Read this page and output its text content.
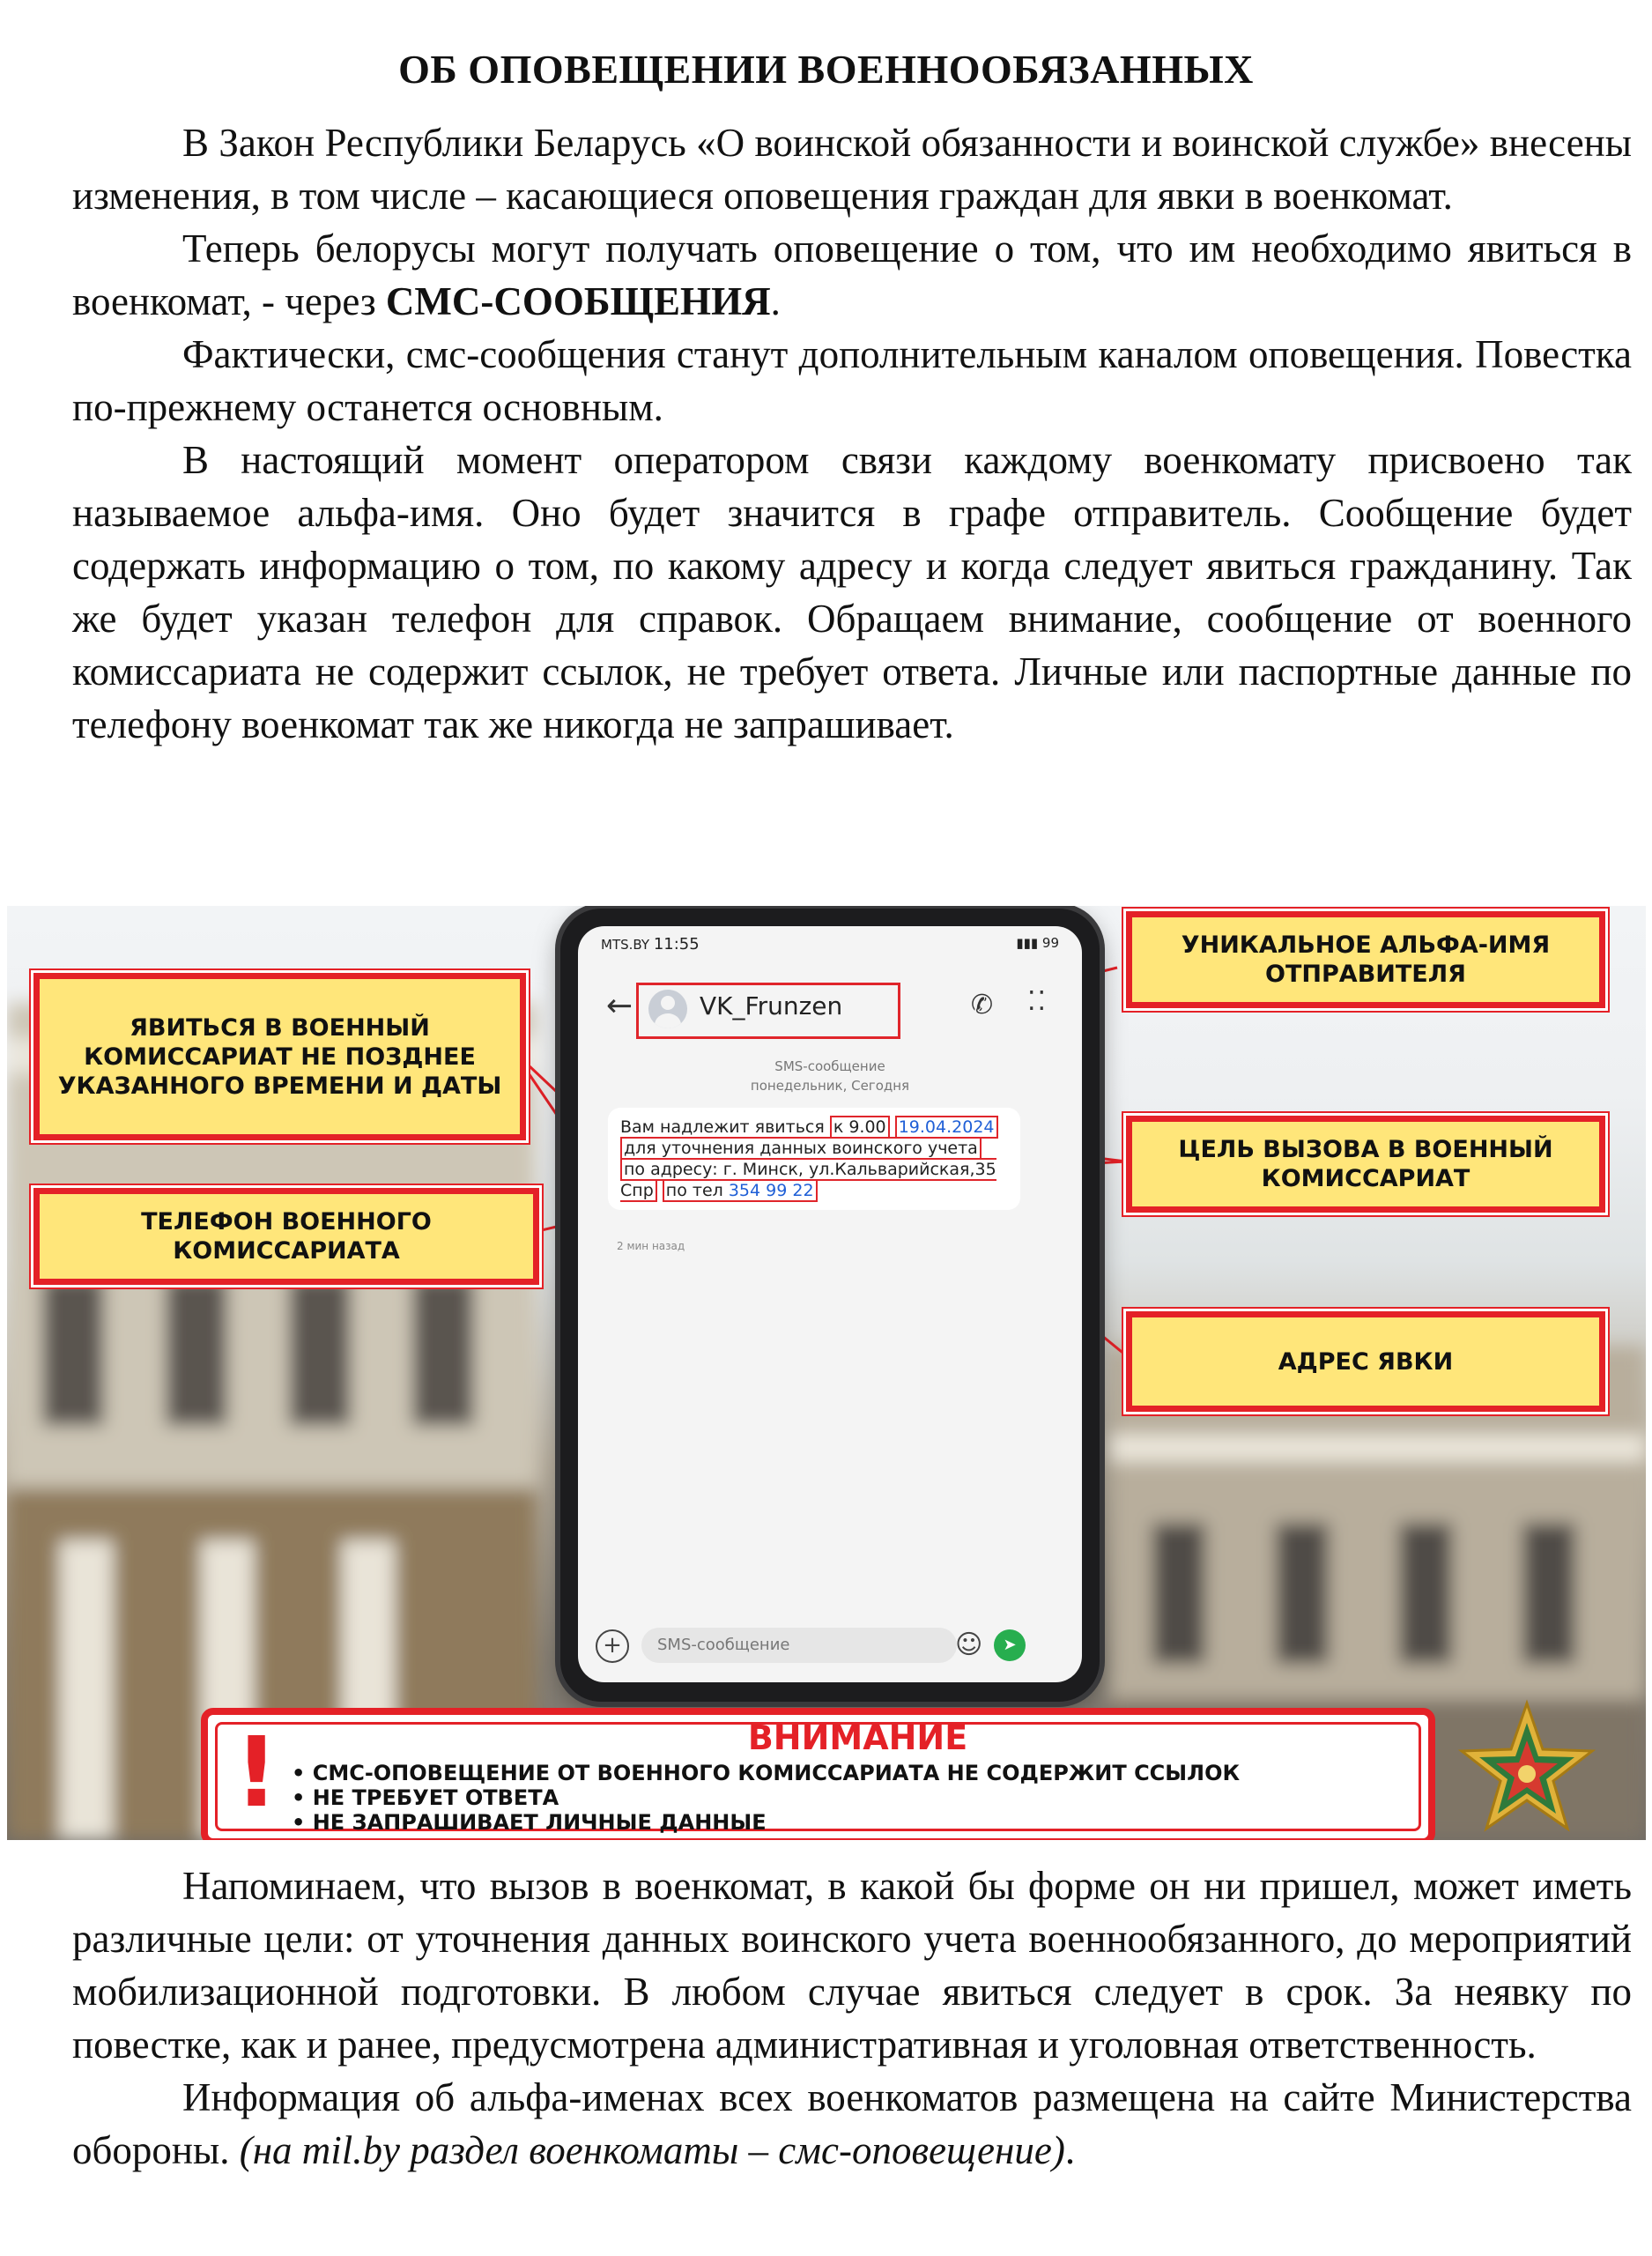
ОБ ОПОВЕЩЕНИИ ВОЕННООБЯЗАННЫХ

В Закон Республики Беларусь «О воинской обязанности и воинской службе» внесены изменения, в том числе – касающиеся оповещения граждан для явки в военкомат.

Теперь белорусы могут получать оповещение о том, что им необходимо явиться в военкомат, - через СМС-СООБЩЕНИЯ.

Фактически, смс-сообщения станут дополнительным каналом оповещения. Повестка по-прежнему останется основным.

В настоящий момент оператором связи каждому военкомату присвоено так называемое альфа-имя. Оно будет значится в графе отправитель. Сообщение будет содержать информацию о том, по какому адресу и когда следует явиться гражданину. Так же будет указан телефон для справок. Обращаем внимание, сообщение от военного комиссариата не содержит ссылок, не требует ответа. Личные или паспортные данные по телефону военкомат так же никогда не запрашивает.

MTS.BY 11:55	▮▮▮ 99
←	VK_Frunzen	✆ ⁚⁚
SMS-сообщение
понедельник, Сегодня
Вам надлежит явиться к 9.00 19.04.2024 для уточнения данных воинского учета по адресу: г. Минск, ул.Кальварийская,35 Спр по тел 354 99 22
2 мин назад
+	SMS-сообщение	☺	➤
УНИКАЛЬНОЕ АЛЬФА-ИМЯ ОТПРАВИТЕЛЯ
ЯВИТЬСЯ В ВОЕННЫЙ КОМИССАРИАТ НЕ ПОЗДНЕЕ УКАЗАННОГО ВРЕМЕНИ И ДАТЫ
ЦЕЛЬ ВЫЗОВА В ВОЕННЫЙ КОМИССАРИАТ
ТЕЛЕФОН ВОЕННОГО КОМИССАРИАТА
АДРЕС ЯВКИ
!	ВНИМАНИЕ
• СМС-ОПОВЕЩЕНИЕ ОТ ВОЕННОГО КОМИССАРИАТА НЕ СОДЕРЖИТ ССЫЛОК
• НЕ ТРЕБУЕТ ОТВЕТА
• НЕ ЗАПРАШИВАЕТ ЛИЧНЫЕ ДАННЫЕ

Напоминаем, что вызов в военкомат, в какой бы форме он ни пришел, может иметь различные цели: от уточнения данных воинского учета военнообязанного, до мероприятий мобилизационной подготовки. В любом случае явиться следует в срок. За неявку по повестке, как и ранее, предусмотрена административная и уголовная ответственность.

Информация об альфа-именах всех военкоматов размещена на сайте Министерства обороны. (на mil.by раздел военкоматы – смс-оповещение).
